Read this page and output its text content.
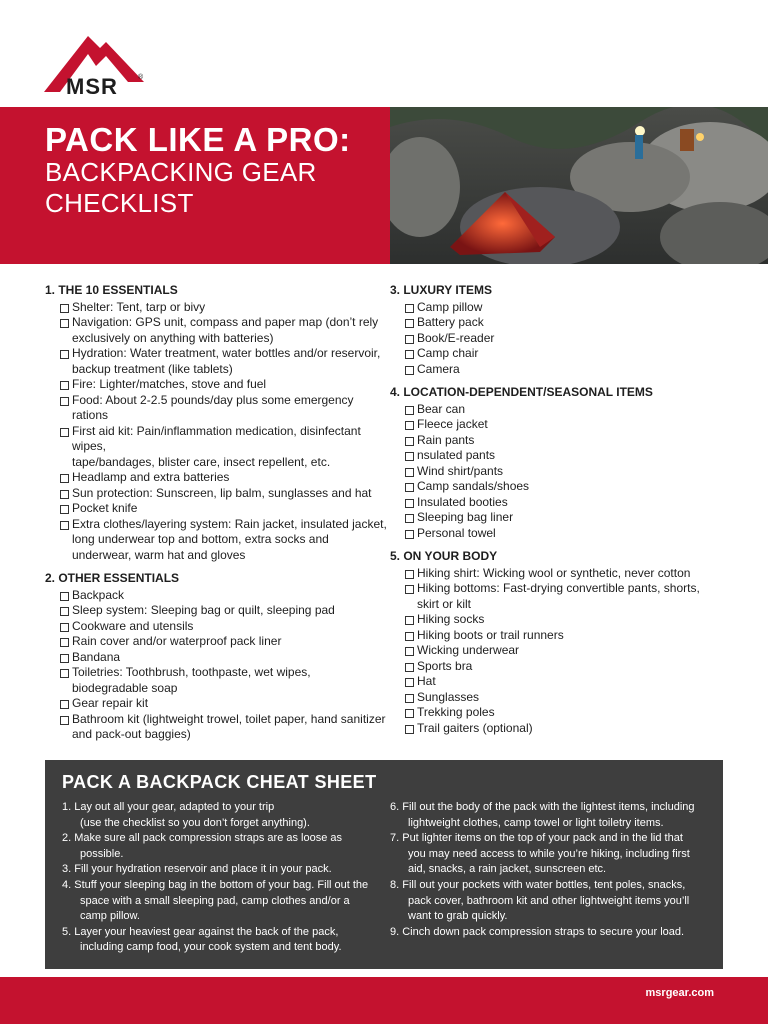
MSR	®
PACK LIKE A PRO:
BACKPACKING GEAR
CHECKLIST
1. THE 10 ESSENTIALS
Shelter: Tent, tarp or bivy
Navigation: GPS unit, compass and paper map (don’t rely
exclusively on anything with batteries)
Hydration: Water treatment, water bottles and/or reservoir,
backup treatment (like tablets)
Fire: Lighter/matches, stove and fuel
Food: About 2-2.5 pounds/day plus some emergency rations
First aid kit: Pain/inflammation medication, disinfectant wipes,
tape/bandages, blister care, insect repellent, etc.
Headlamp and extra batteries
Sun protection: Sunscreen, lip balm, sunglasses and hat
Pocket knife
Extra clothes/layering system: Rain jacket, insulated jacket,
long underwear top and bottom, extra socks and
underwear, warm hat and gloves
2. OTHER ESSENTIALS
Backpack
Sleep system: Sleeping bag or quilt, sleeping pad
Cookware and utensils
Rain cover and/or waterproof pack liner
Bandana
Toiletries: Toothbrush, toothpaste, wet wipes,
biodegradable soap
Gear repair kit
Bathroom kit (lightweight trowel, toilet paper, hand sanitizer
and pack-out baggies)
3. LUXURY ITEMS
Camp pillow
Battery pack
Book/E-reader
Camp chair
Camera
4. LOCATION-DEPENDENT/SEASONAL ITEMS
Bear can
Fleece jacket
Rain pants
nsulated pants
Wind shirt/pants
Camp sandals/shoes
Insulated booties
Sleeping bag liner
Personal towel
5. ON YOUR BODY
Hiking shirt: Wicking wool or synthetic, never cotton
Hiking bottoms: Fast-drying convertible pants, shorts,
skirt or kilt
Hiking socks
Hiking boots or trail runners
Wicking underwear
Sports bra
Hat
Sunglasses
Trekking poles
Trail gaiters (optional)
PACK A BACKPACK CHEAT SHEET
1. Lay out all your gear, adapted to your trip
(use the checklist so you don’t forget anything).
2. Make sure all pack compression straps are as loose as
possible.
3. Fill your hydration reservoir and place it in your pack.
4. Stuff your sleeping bag in the bottom of your bag. Fill out the
space with a small sleeping pad, camp clothes and/or a
camp pillow.
5. Layer your heaviest gear against the back of the pack,
including camp food, your cook system and tent body.
6. Fill out the body of the pack with the lightest items, including
lightweight clothes, camp towel or light toiletry items.
7. Put lighter items on the top of your pack and in the lid that
you may need access to while you’re hiking, including first
aid, snacks, a rain jacket, sunscreen etc.
8. Fill out your pockets with water bottles, tent poles, snacks,
pack cover, bathroom kit and other lightweight items you’ll
want to grab quickly.
9. Cinch down pack compression straps to secure your load.
msrgear.com
